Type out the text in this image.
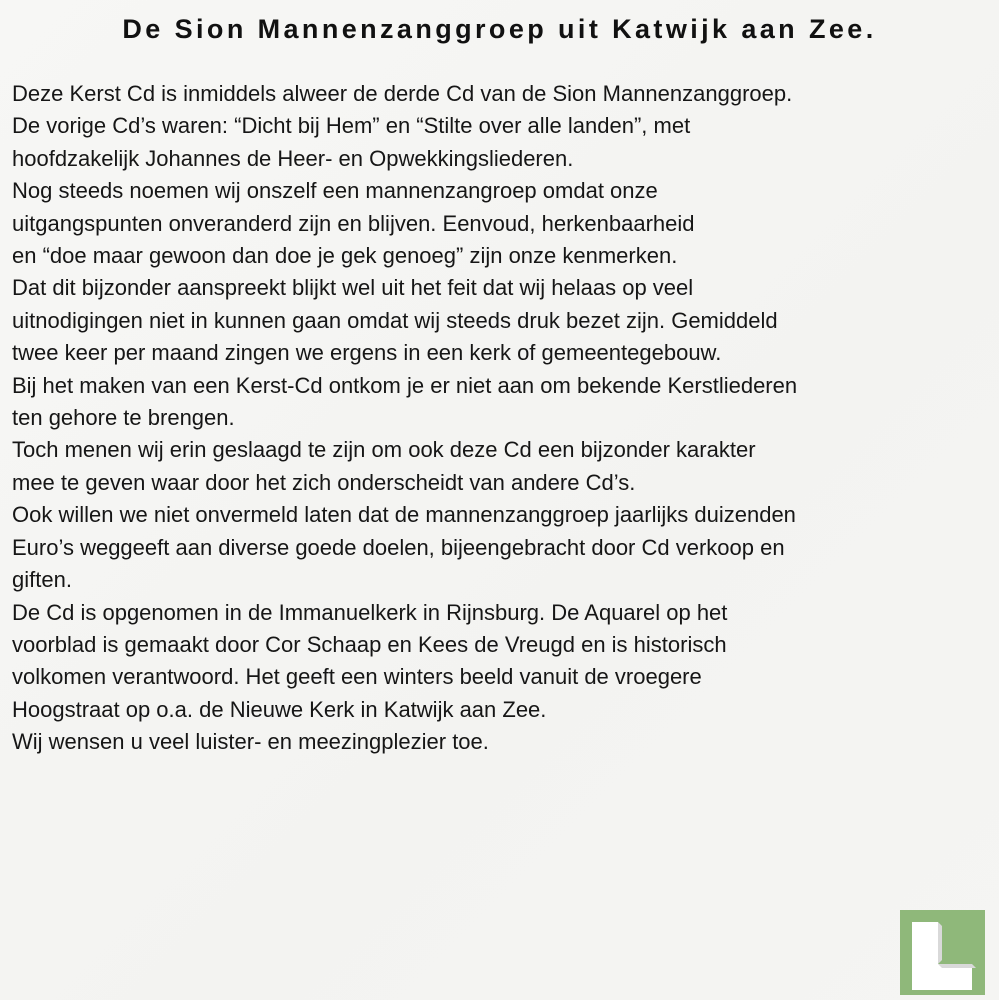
De Sion Mannenzanggroep uit Katwijk aan Zee.
Deze Kerst Cd is inmiddels alweer de derde Cd van de Sion Mannenzanggroep.
De vorige Cd’s waren: “Dicht bij Hem” en “Stilte over alle landen”, met
hoofdzakelijk Johannes de Heer- en Opwekkingsliederen.
Nog steeds noemen wij onszelf een mannenzangroep omdat onze
uitgangspunten onveranderd zijn en blijven. Eenvoud, herkenbaarheid
en “doe maar gewoon dan doe je gek genoeg” zijn onze kenmerken.
Dat dit bijzonder aanspreekt blijkt wel uit het feit dat wij helaas op veel
uitnodigingen niet in kunnen gaan omdat wij steeds druk bezet zijn. Gemiddeld
twee keer per maand zingen we ergens in een kerk of gemeentegebouw.
Bij het maken van een Kerst-Cd ontkom je er niet aan om bekende Kerstliederen
ten gehore te brengen.
Toch menen wij erin geslaagd te zijn om ook deze Cd een bijzonder karakter
mee te geven waar door het zich onderscheidt van andere Cd’s.
Ook willen we niet onvermeld laten dat de mannenzanggroep jaarlijks duizenden
Euro’s weggeeft aan diverse goede doelen, bijeengebracht door Cd verkoop en
giften.
De Cd is opgenomen in de Immanuelkerk in Rijnsburg. De Aquarel op het
voorblad is gemaakt door Cor Schaap en Kees de Vreugd en is historisch
volkomen verantwoord. Het geeft een winters beeld vanuit de vroegere
Hoogstraat op o.a. de Nieuwe Kerk in Katwijk aan Zee.
Wij wensen u veel luister- en meezingplezier toe.
